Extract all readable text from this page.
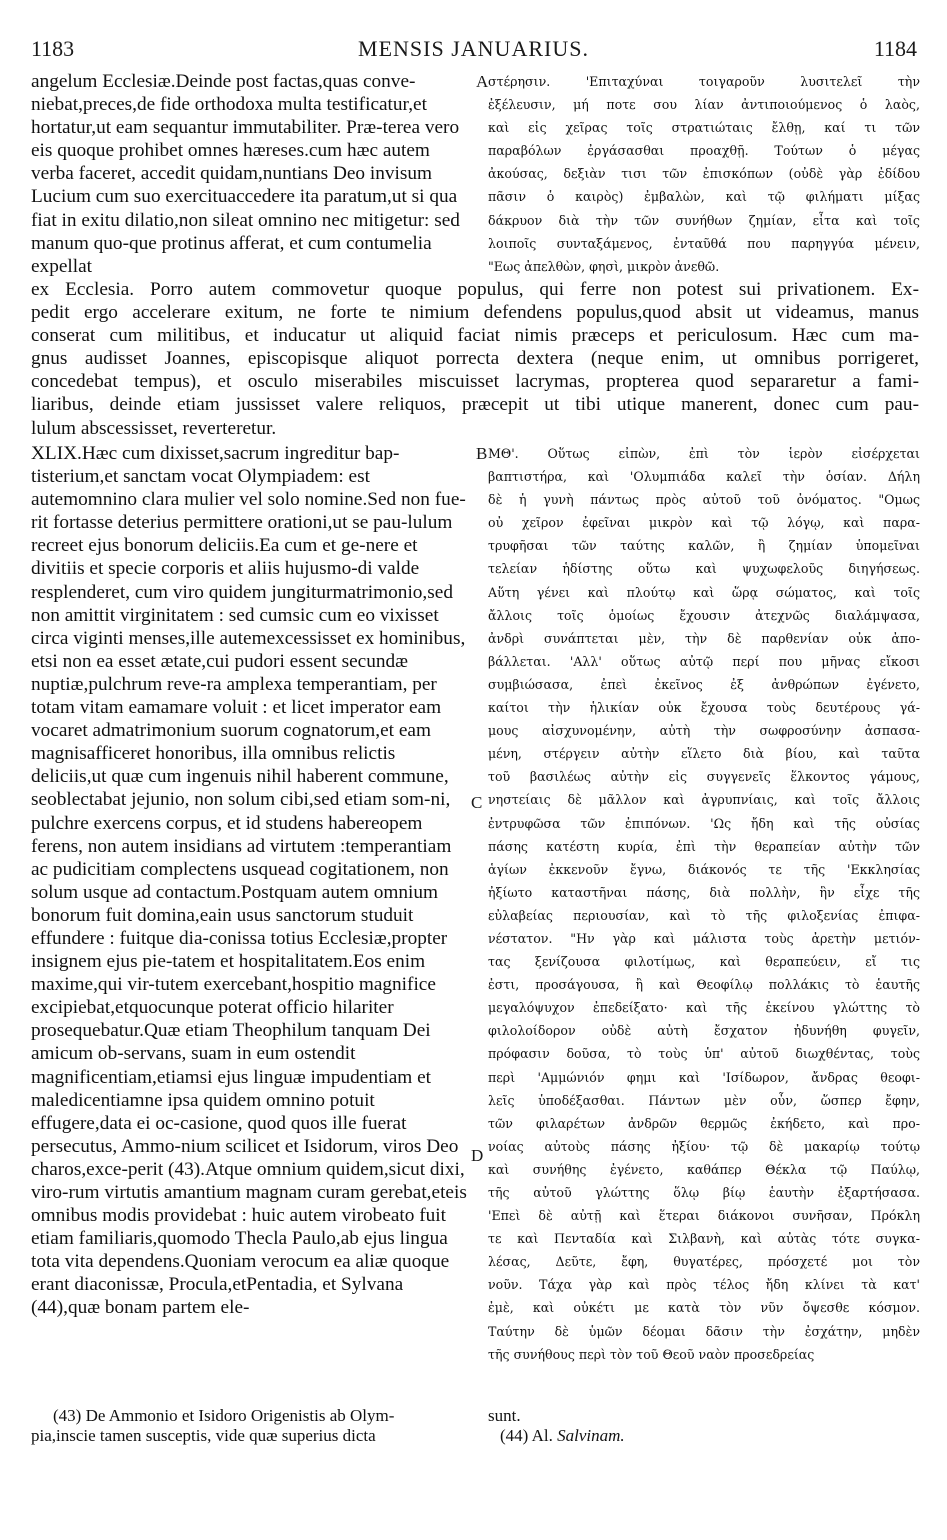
1183	MENSIS JANUARIUS.	1184
angelum Ecclesiæ.Deinde post factas,quas conve-niebat,preces,de fide orthodoxa multa testificatur,et hortatur,ut eam sequantur immutabiliter. Præ-terea vero eis quoque prohibet omnes hæreses.cum hæc autem verba faceret, accedit quidam,nuntians Deo invisum Lucium cum suo exercituaccedere ita paratum,ut si qua fiat in exitu dilatio,non sileat omnino nec mitigetur: sed manum quo-que protinus afferat, et cum contumelia expellat
A στέρησιν. 'Επιταχύναι τοιγαροῦν λυσιτελεῖ τὴν
ἐξέλευσιν, μή ποτε σου λίαν ἀντιποιούμενος ὁ λαὸς,
καὶ εἰς χεῖρας τοῖς στρατιώταις ἔλθῃ, καί τι τῶν
παραβόλων ἐργάσασθαι προαχθῇ. Τούτων ὁ μέγας
ἀκούσας, δεξιὰν τισι τῶν ἐπισκόπων (οὐδὲ γὰρ ἐδίδου
πᾶσιν ὁ καιρὸς) ἐμβαλὼν, καὶ τῷ φιλήματι μίξας
δάκρυον διὰ τὴν τῶν συνήθων ζημίαν, εἶτα καὶ τοῖς
λοιποῖς συνταξάμενος, ἐνταῦθά που παρηγγύα μένειν,
"Εως ἀπελθὼν, φησὶ, μικρὸν ἀνεθῶ.
ex Ecclesia. Porro autem commovetur quoque populus, qui ferre non potest sui privationem. Ex-
pedit ergo accelerare exitum, ne forte te nimium defendens populus,quod absit ut videamus, manus
conserat cum militibus, et inducatur ut aliquid faciat nimis præceps et periculosum. Hæc cum ma-
gnus audisset Joannes, episcopisque aliquot porrecta dextera (neque enim, ut omnibus porrigeret,
concedebat tempus), et osculo miserabiles miscuisset lacrymas, propterea quod separaretur a fami-
liaribus, deinde etiam jussisset valere reliquos, præcepit ut tibi utique manerent, donec cum pau-
lulum abscessisset, reverteretur.
XLIX.Hæc cum dixisset,sacrum ingreditur bap-tisterium,et sanctam vocat Olympiadem: est autemomnino clara mulier vel solo nomine.Sed non fue-rit fortasse deterius permittere orationi,ut se pau-lulum recreet ejus bonorum deliciis.Ea cum et ge-nere et divitiis et specie corporis et aliis hujusmo-di valde resplenderet, cum viro quidem jungiturmatrimonio,sed non amittit virginitatem : sed cumsic cum eo vixisset circa viginti menses,ille autemexcessisset ex hominibus, etsi non ea esset ætate,cui pudori essent secundæ nuptiæ,pulchrum reve-ra amplexa temperantiam, per totam vitam eamamare voluit : et licet imperator eam vocaret admatrimonium suorum cognatorum,et eam magnisafficeret honoribus, illa omnibus relictis deliciis,ut quæ cum ingenuis nihil haberent commune, seoblectabat jejunio, non solum cibi,sed etiam som-ni, pulchre exercens corpus, et id studens habereopem ferens, non autem insidians ad virtutem :temperantiam ac pudicitiam complectens usquead cogitationem, non solum usque ad contactum.Postquam autem omnium bonorum fuit domina,eain usus sanctorum studuit effundere : fuitque dia-conissa totius Ecclesiæ,propter insignem ejus pie-tatem et hospitalitatem.Eos enim maxime,qui vir-tutem exercebant,hospitio magnifice excipiebat,etquocunque poterat officio hilariter prosequebatur.Quæ etiam Theophilum tanquam Dei amicum ob-servans, suam in eum ostendit magnificentiam,etiamsi ejus linguæ impudentiam et maledicentiamne ipsa quidem omnino potuit effugere,data ei oc-casione, quod quos ille fuerat persecutus, Ammo-nium scilicet et Isidorum, viros Deo charos,exce-perit (43).Atque omnium quidem,sicut dixi, viro-rum virtutis amantium magnam curam gerebat,eteis omnibus modis providebat : huic autem virobeato fuit etiam familiaris,quomodo Thecla Paulo,ab ejus lingua tota vita dependens.Quoniam verocum ea aliæ quoque erant diaconissæ, Procula,etPentadia, et Sylvana (44),quæ bonam partem ele-
B
C
D
ΜΘ'. Οὕτως εἰπὼν, ἐπὶ τὸν ἱερὸν εἰσέρχεται
βαπτιστήρα, καὶ 'Ολυμπιάδα καλεῖ τὴν ὁσίαν. Δήλη
δὲ ἡ γυνὴ πάντως πρὸς αὐτοῦ τοῦ ὀνόματος. "Ομως
οὐ χεῖρον ἐφεῖναι μικρὸν καὶ τῷ λόγῳ, καὶ παρα-
τρυφῆσαι τῶν ταύτης καλῶν, ἢ ζημίαν ὑπομεῖναι
τελείαν ἡδίστης οὕτω καὶ ψυχωφελοῦς διηγήσεως.
Αὕτη γένει καὶ πλούτῳ καὶ ὥρᾳ σώματος, καὶ τοῖς
ἄλλοις τοῖς ὁμοίως ἔχουσιν ἀτεχνῶς διαλάμψασα,
ἀνδρὶ συνάπτεται μὲν, τὴν δὲ παρθενίαν οὐκ ἀπο-
βάλλεται. 'Αλλ' οὕτως αὐτῷ περί που μῆνας εἴκοσι
συμβιώσασα, ἐπεὶ ἐκεῖνος ἐξ ἀνθρώπων ἐγένετο,
καίτοι τὴν ἡλικίαν οὐκ ἔχουσα τοὺς δευτέρους γά-
μους αἰσχυνομένην, αὐτὴ τὴν σωφροσύνην ἀσπασα-
μένη, στέργειν αὐτὴν εἵλετο διὰ βίου, καὶ ταῦτα
τοῦ βασιλέως αὐτὴν εἰς συγγενεῖς ἕλκοντος γάμους,
νηστείαις δὲ μᾶλλον καὶ ἀγρυπνίαις, καὶ τοῖς ἄλλοις
ἐντρυφῶσα τῶν ἐπιπόνων. 'Ως ἤδη καὶ τῆς οὐσίας
πάσης κατέστη κυρία, ἐπὶ τὴν θεραπείαν αὐτὴν τῶν
ἁγίων ἐκκενοῦν ἔγνω, διάκονός τε τῆς 'Εκκλησίας
ἠξίωτο καταστῆναι πάσης, διὰ πολλὴν, ἣν εἶχε τῆς
εὐλαβείας περιουσίαν, καὶ τὸ τῆς φιλοξενίας ἐπιφα-
νέστατον. "Ην γὰρ καὶ μάλιστα τοὺς ἀρετὴν μετιόν-
τας ξενίζουσα φιλοτίμως, καὶ θεραπεύειν, εἴ τις
ἐστι, προσάγουσα, ἢ καὶ Θεοφίλῳ πολλάκις τὸ ἑαυτῆς
μεγαλόψυχον ἐπεδείξατο· καὶ τῆς ἐκείνου γλώττης τὸ
φιλολοίδορον οὐδὲ αὐτὴ ἔσχατον ἠδυνήθη φυγεῖν,
πρόφασιν δοῦσα, τὸ τοὺς ὑπ' αὐτοῦ διωχθέντας, τοὺς
περὶ 'Αμμώνιόν φημι καὶ 'Ισίδωρον, ἄνδρας θεοφι-
λεῖς ὑποδέξασθαι. Πάντων μὲν οὖν, ὥσπερ ἔφην,
τῶν φιλαρέτων ἀνδρῶν θερμῶς ἐκήδετο, καὶ προ-
νοίας αὐτοὺς πάσης ἠξίου· τῷ δὲ μακαρίῳ τούτῳ
καὶ συνήθης ἐγένετο, καθάπερ Θέκλα τῷ Παύλῳ,
τῆς αὐτοῦ γλώττης ὅλῳ βίῳ ἑαυτὴν ἐξαρτήσασα.
'Επεὶ δὲ αὐτῇ καὶ ἕτεραι διάκονοι συνῆσαν, Πρόκλη
τε καὶ Πενταδία καὶ Σιλβανὴ, καὶ αὐτὰς τότε συγκα-
λέσας, Δεῦτε, ἔφη, θυγατέρες, πρόσχετέ μοι τὸν
νοῦν. Τάχα γὰρ καὶ πρὸς τέλος ἤδη κλίνει τὰ κατ'
ἐμὲ, καὶ οὐκέτι με κατὰ τὸν νῦν ὄψεσθε κόσμον.
Ταύτην δὲ ὑμῶν δέομαι δᾶσιν τὴν ἐσχάτην, μηδὲν
τῆς συνήθους περὶ τὸν τοῦ Θεοῦ ναὸν προσεδρείας
(43) De Ammonio et Isidoro Origenistis ab Olym-
pia,inscie tamen susceptis, vide quæ superius dicta
sunt.
(44) Al. Salvinam.
